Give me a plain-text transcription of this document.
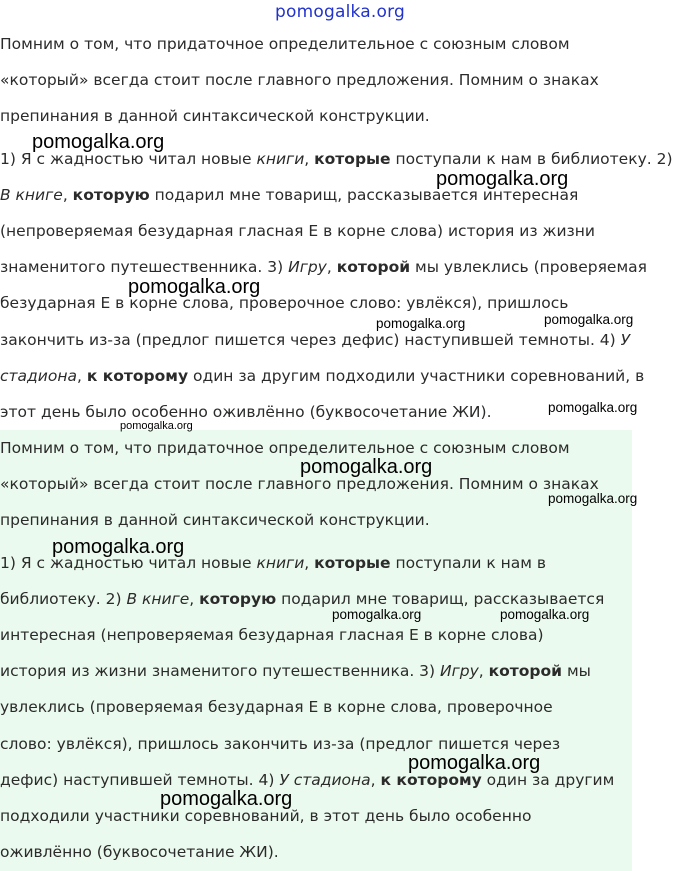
pomogalka.org
Помним о том, что придаточное определительное с союзным словом
«который» всегда стоит после главного предложения. Помним о знаках
препинания в данной синтаксической конструкции.
1) Я с жадностью читал новые книги, которые поступали к нам в библиотеку. 2)
В книге, которую подарил мне товарищ, рассказывается интересная
(непроверяемая безударная гласная Е в корне слова) история из жизни
знаменитого путешественника. 3) Игру, которой мы увлеклись (проверяемая
безударная Е в корне слова, проверочное слово: увлёкся), пришлось
закончить из-за (предлог пишется через дефис) наступившей темноты. 4) У
стадиона, к которому один за другим подходили участники соревнований, в
этот день было особенно оживлённо (буквосочетание ЖИ).
Помним о том, что придаточное определительное с союзным словом
«который» всегда стоит после главного предложения. Помним о знаках
препинания в данной синтаксической конструкции.
1) Я с жадностью читал новые книги, которые поступали к нам в
библиотеку. 2) В книге, которую подарил мне товарищ, рассказывается
интересная (непроверяемая безударная гласная Е в корне слова)
история из жизни знаменитого путешественника. 3) Игру, которой мы
увлеклись (проверяемая безударная Е в корне слова, проверочное
слово: увлёкся), пришлось закончить из-за (предлог пишется через
дефис) наступившей темноты. 4) У стадиона, к которому один за другим
подходили участники соревнований, в этот день было особенно
оживлённо (буквосочетание ЖИ).
pomogalka.org
pomogalka.org
pomogalka.org
pomogalka.org	pomogalka.org
pomogalka.org
pomogalka.org
pomogalka.org
pomogalka.org
pomogalka.org
pomogalka.org	pomogalka.org
pomogalka.org
pomogalka.org
